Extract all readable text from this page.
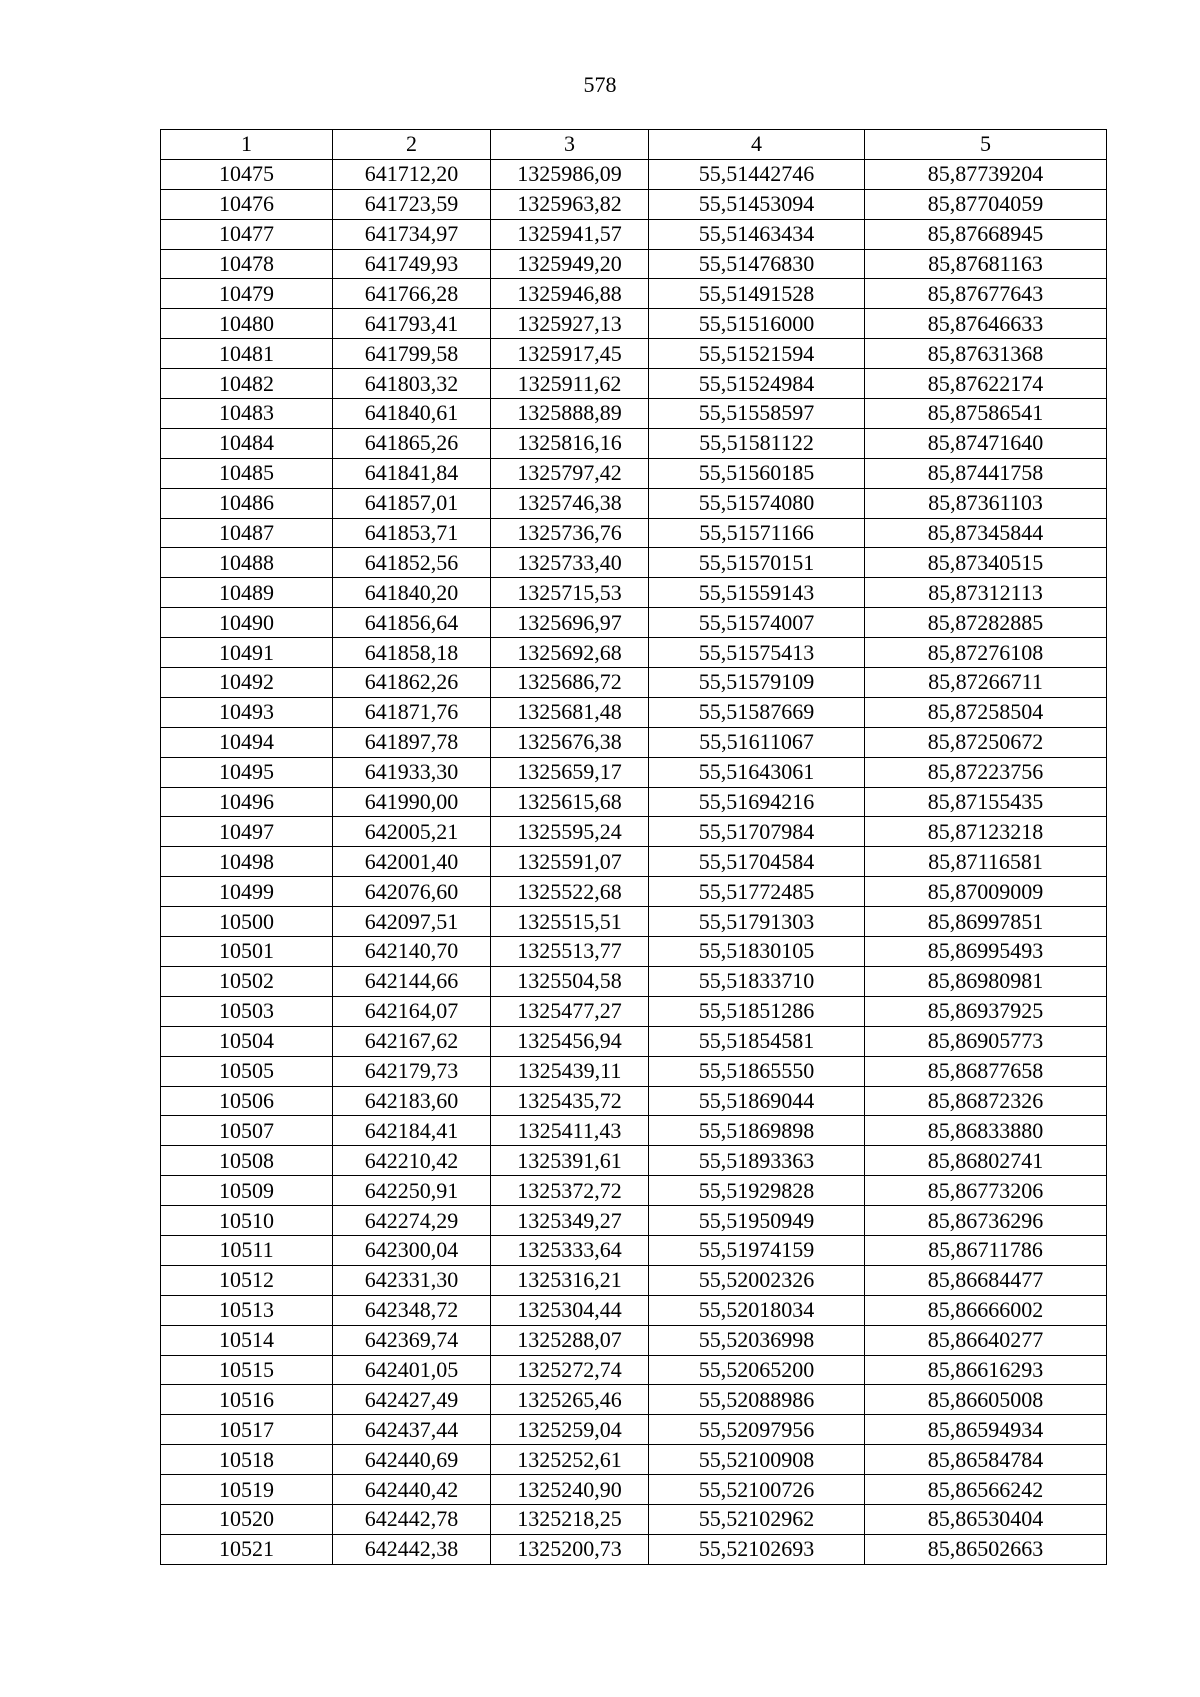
578
1	2	3	4	5
10475	641712,20	1325986,09	55,51442746	85,87739204
10476	641723,59	1325963,82	55,51453094	85,87704059
10477	641734,97	1325941,57	55,51463434	85,87668945
10478	641749,93	1325949,20	55,51476830	85,87681163
10479	641766,28	1325946,88	55,51491528	85,87677643
10480	641793,41	1325927,13	55,51516000	85,87646633
10481	641799,58	1325917,45	55,51521594	85,87631368
10482	641803,32	1325911,62	55,51524984	85,87622174
10483	641840,61	1325888,89	55,51558597	85,87586541
10484	641865,26	1325816,16	55,51581122	85,87471640
10485	641841,84	1325797,42	55,51560185	85,87441758
10486	641857,01	1325746,38	55,51574080	85,87361103
10487	641853,71	1325736,76	55,51571166	85,87345844
10488	641852,56	1325733,40	55,51570151	85,87340515
10489	641840,20	1325715,53	55,51559143	85,87312113
10490	641856,64	1325696,97	55,51574007	85,87282885
10491	641858,18	1325692,68	55,51575413	85,87276108
10492	641862,26	1325686,72	55,51579109	85,87266711
10493	641871,76	1325681,48	55,51587669	85,87258504
10494	641897,78	1325676,38	55,51611067	85,87250672
10495	641933,30	1325659,17	55,51643061	85,87223756
10496	641990,00	1325615,68	55,51694216	85,87155435
10497	642005,21	1325595,24	55,51707984	85,87123218
10498	642001,40	1325591,07	55,51704584	85,87116581
10499	642076,60	1325522,68	55,51772485	85,87009009
10500	642097,51	1325515,51	55,51791303	85,86997851
10501	642140,70	1325513,77	55,51830105	85,86995493
10502	642144,66	1325504,58	55,51833710	85,86980981
10503	642164,07	1325477,27	55,51851286	85,86937925
10504	642167,62	1325456,94	55,51854581	85,86905773
10505	642179,73	1325439,11	55,51865550	85,86877658
10506	642183,60	1325435,72	55,51869044	85,86872326
10507	642184,41	1325411,43	55,51869898	85,86833880
10508	642210,42	1325391,61	55,51893363	85,86802741
10509	642250,91	1325372,72	55,51929828	85,86773206
10510	642274,29	1325349,27	55,51950949	85,86736296
10511	642300,04	1325333,64	55,51974159	85,86711786
10512	642331,30	1325316,21	55,52002326	85,86684477
10513	642348,72	1325304,44	55,52018034	85,86666002
10514	642369,74	1325288,07	55,52036998	85,86640277
10515	642401,05	1325272,74	55,52065200	85,86616293
10516	642427,49	1325265,46	55,52088986	85,86605008
10517	642437,44	1325259,04	55,52097956	85,86594934
10518	642440,69	1325252,61	55,52100908	85,86584784
10519	642440,42	1325240,90	55,52100726	85,86566242
10520	642442,78	1325218,25	55,52102962	85,86530404
10521	642442,38	1325200,73	55,52102693	85,86502663
